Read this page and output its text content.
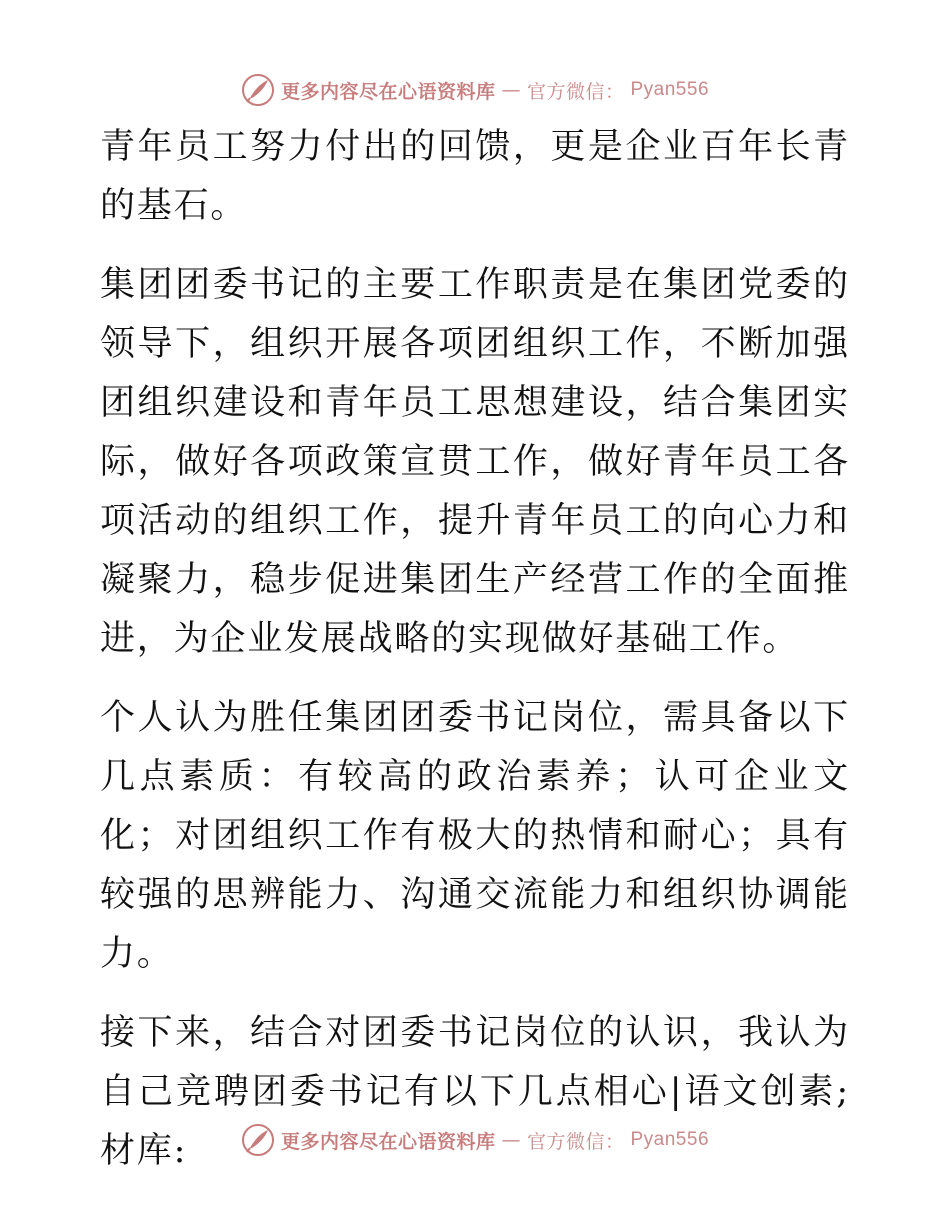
更多内容尽在心语资料库 — 官方微信： Pyan556

青年员工努力付出的回馈，更是企业百年长青的基石。

集团团委书记的主要工作职责是在集团党委的领导下，组织开展各项团组织工作，不断加强团组织建设和青年员工思想建设，结合集团实际，做好各项政策宣贯工作，做好青年员工各项活动的组织工作，提升青年员工的向心力和凝聚力，稳步促进集团生产经营工作的全面推进，为企业发展战略的实现做好基础工作。

个人认为胜任集团团委书记岗位，需具备以下几点素质：有较高的政治素养；认可企业文化；对团组织工作有极大的热情和耐心；具有较强的思辨能力、沟通交流能力和组织协调能力。

接下来，结合对团委书记岗位的认识，我认为自己竞聘团委书记有以下几点相心|语文创素;材库:	更多内容尽在心语资料库 — 官方微信： Pyan556
